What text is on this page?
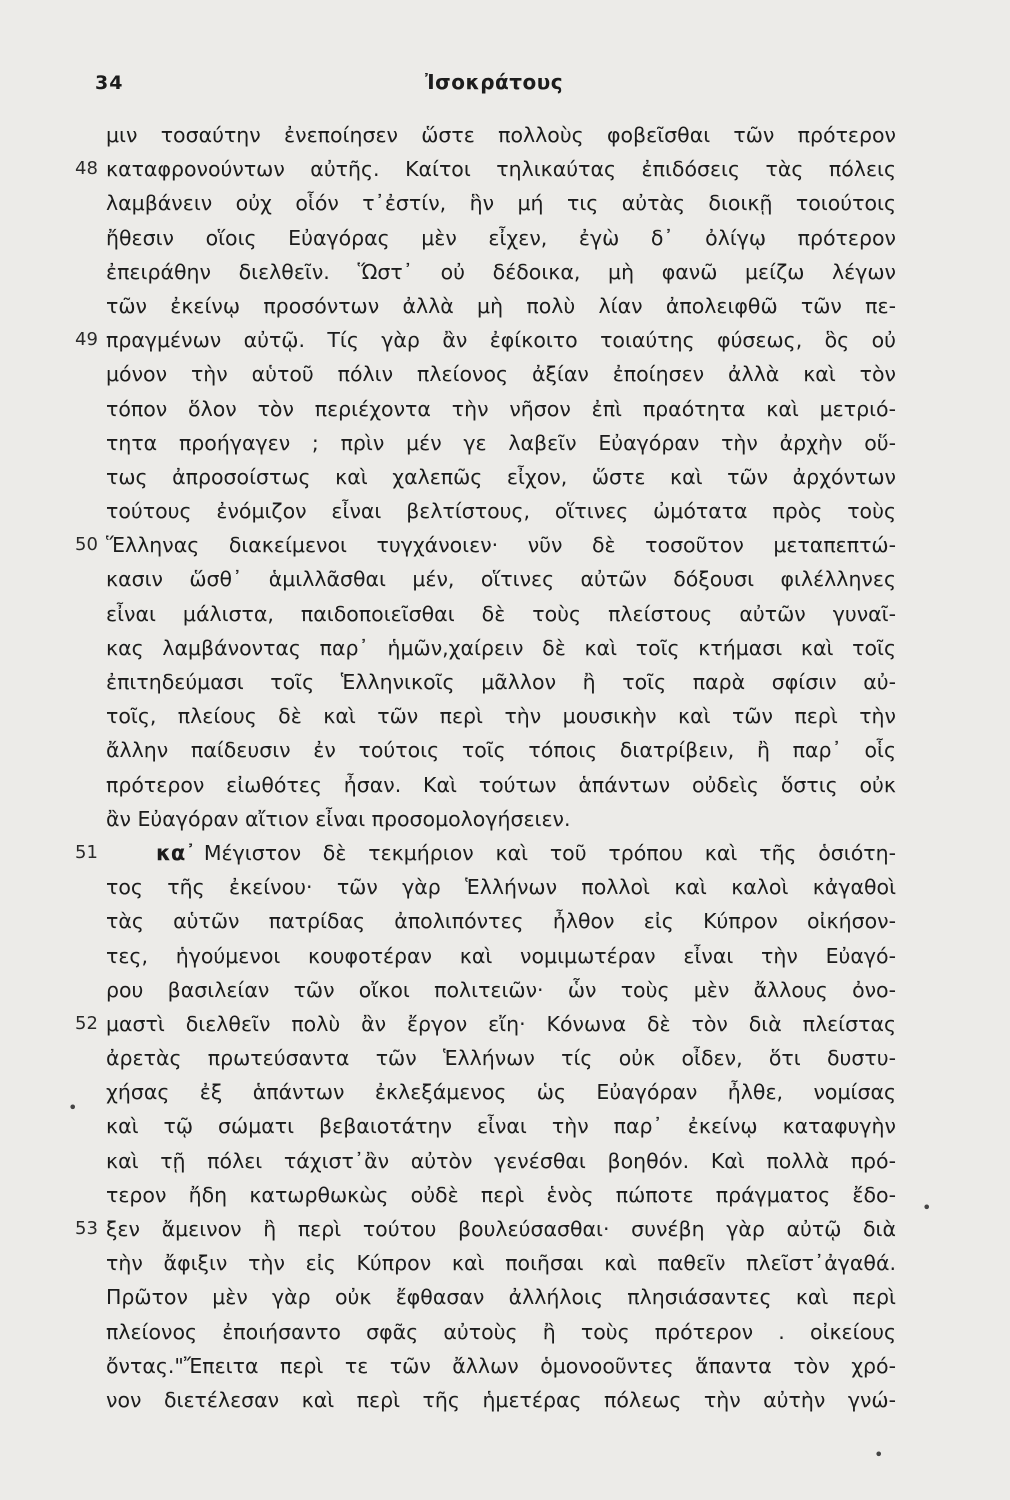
34	Ἰσοκράτους
μιν τοσαύτην ἐνεποίησεν ὥστε πολλοὺς φοβεῖσθαι τῶν πρότερον
48 καταφρονούντων αὐτῆς. Καίτοι τηλικαύτας ἐπιδόσεις τὰς πόλεις
λαμβάνειν οὐχ οἷόν τ᾽ἐστίν, ἣν μή τις αὐτὰς διοικῇ τοιούτοις
ἤθεσιν οἵοις Εὐαγόρας μὲν εἶχεν, ἐγὼ δ᾽ ὀλίγῳ πρότερον
ἐπειράθην διελθεῖν. Ὥστ᾽ οὐ δέδοικα, μὴ φανῶ μείζω λέγων
τῶν ἐκείνῳ προσόντων ἀλλὰ μὴ πολὺ λίαν ἀπολειφθῶ τῶν πε-
49 πραγμένων αὐτῷ. Τίς γὰρ ἂν ἐφίκοιτο τοιαύτης φύσεως, ὃς οὐ
μόνον τὴν αὑτοῦ πόλιν πλείονος ἀξίαν ἐποίησεν ἀλλὰ καὶ τὸν
τόπον ὅλον τὸν περιέχοντα τὴν νῆσον ἐπὶ πραότητα καὶ μετριό-
τητα προήγαγεν ; πρὶν μέν γε λαβεῖν Εὐαγόραν τὴν ἀρχὴν οὕ-
τως ἀπροσοίστως καὶ χαλεπῶς εἶχον, ὥστε καὶ τῶν ἀρχόντων
τούτους ἐνόμιζον εἶναι βελτίστους, οἵτινες ὠμότατα πρὸς τοὺς
50 Ἕλληνας διακείμενοι τυγχάνοιεν· νῦν δὲ τοσοῦτον μεταπεπτώ-
κασιν ὥσθ᾽ ἁμιλλᾶσθαι μέν, οἵτινες αὐτῶν δόξουσι φιλέλληνες
εἶναι μάλιστα, παιδοποιεῖσθαι δὲ τοὺς πλείστους αὐτῶν γυναῖ-
κας λαμβάνοντας παρ᾽ ἡμῶν,χαίρειν δὲ καὶ τοῖς κτήμασι καὶ τοῖς
ἐπιτηδεύμασι τοῖς Ἑλληνικοῖς μᾶλλον ἢ τοῖς παρὰ σφίσιν αὐ-
τοῖς, πλείους δὲ καὶ τῶν περὶ τὴν μουσικὴν καὶ τῶν περὶ τὴν
ἄλλην παίδευσιν ἐν τούτοις τοῖς τόποις διατρίβειν, ἢ παρ᾽ οἷς
πρότερον εἰωθότες ἦσαν. Καὶ τούτων ἁπάντων οὐδεὶς ὅστις οὐκ
ἂν Εὐαγόραν αἴτιον εἶναι προσομολογήσειεν.
51	κα᾽ Μέγιστον δὲ τεκμήριον καὶ τοῦ τρόπου καὶ τῆς ὁσιότη-
τος τῆς ἐκείνου· τῶν γὰρ Ἑλλήνων πολλοὶ καὶ καλοὶ κἀγαθοὶ
τὰς αὑτῶν πατρίδας ἀπολιπόντες ἦλθον εἰς Κύπρον οἰκήσον-
τες, ἡγούμενοι κουφοτέραν καὶ νομιμωτέραν εἶναι τὴν Εὐαγό-
ρου βασιλείαν τῶν οἴκοι πολιτειῶν· ὧν τοὺς μὲν ἄλλους ὀνο-
52 μαστὶ διελθεῖν πολὺ ἂν ἔργον εἴη· Κόνωνα δὲ τὸν διὰ πλείστας
ἀρετὰς πρωτεύσαντα τῶν Ἑλλήνων τίς οὐκ οἶδεν, ὅτι δυστυ-
χήσας ἐξ ἁπάντων ἐκλεξάμενος ὡς Εὐαγόραν ἦλθε, νομίσας
καὶ τῷ σώματι βεβαιοτάτην εἶναι τὴν παρ᾽ ἐκείνῳ καταφυγὴν
καὶ τῇ πόλει τάχιστ᾽ἂν αὐτὸν γενέσθαι βοηθόν. Καὶ πολλὰ πρό-
τερον ἤδη κατωρθωκὼς οὐδὲ περὶ ἑνὸς πώποτε πράγματος ἔδο-
53 ξεν ἄμεινον ἢ περὶ τούτου βουλεύσασθαι· συνέβη γὰρ αὐτῷ διὰ
τὴν ἄφιξιν τὴν εἰς Κύπρον καὶ ποιῆσαι καὶ παθεῖν πλεῖστ᾽ἀγαθά.
Πρῶτον μὲν γὰρ οὐκ ἔφθασαν ἀλλήλοις πλησιάσαντες καὶ περὶ
πλείονος ἐποιήσαντο σφᾶς αὐτοὺς ἢ τοὺς πρότερον . οἰκείους
ὄντας."Ἔπειτα περὶ τε τῶν ἄλλων ὁμονοοῦντες ἅπαντα τὸν χρό-
νον διετέλεσαν καὶ περὶ τῆς ἡμετέρας πόλεως τὴν αὐτὴν γνώ-
•
•
•
